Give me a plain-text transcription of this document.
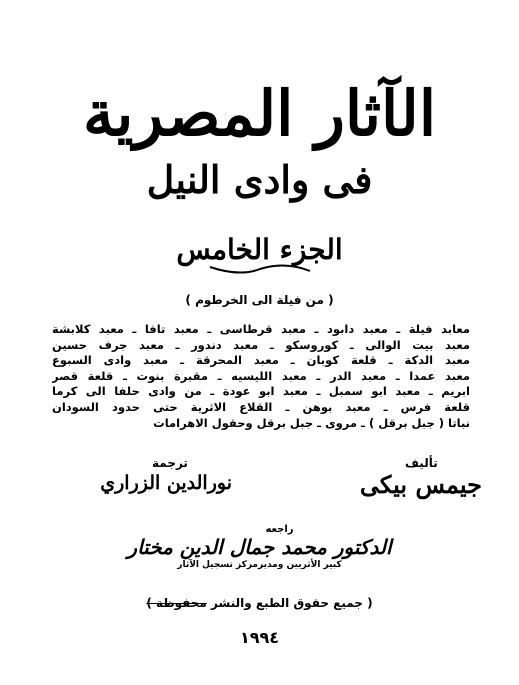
الآثار المصرية
فى وادى النيل
الجزء الخامس
( من فيلة الى الخرطوم )
معابد فيلة ـ معبد دابود ـ معبد قرطاسى ـ معبد تافا ـ معبد كلابشة
معبد بيت الوالى ـ كوروسكو ـ معبد دندور ـ معبد جرف حسين
معبد الدكة ـ قلعة كوبان ـ معبد المحرقة ـ معبد وادى السبوع
معبد عمدا ـ معبد الدر ـ معبد الليسيه ـ مقبرة بنوت ـ قلعة قصر
ابريم ـ معبد ابو سمبل ـ معبد ابو عودة ـ من وادى حلفا الى كرما
قلعة فرس ـ معبد بوهن ـ القلاع الاثرية حتى حدود السودان
نباتا ( جبل برقل ) ـ مروى ـ جبل برقل وحقول الاهرامات
تأليف
جيمس بيكى
ترجمة
نورالدين الزراري
راجعه
الدكتور محمد جمال الدين مختار
كبير الأثريين ومديرمركز تسجيل الآثار
( جميع حقوق الطبع والنشر محفوظة )
١٩٩٤
